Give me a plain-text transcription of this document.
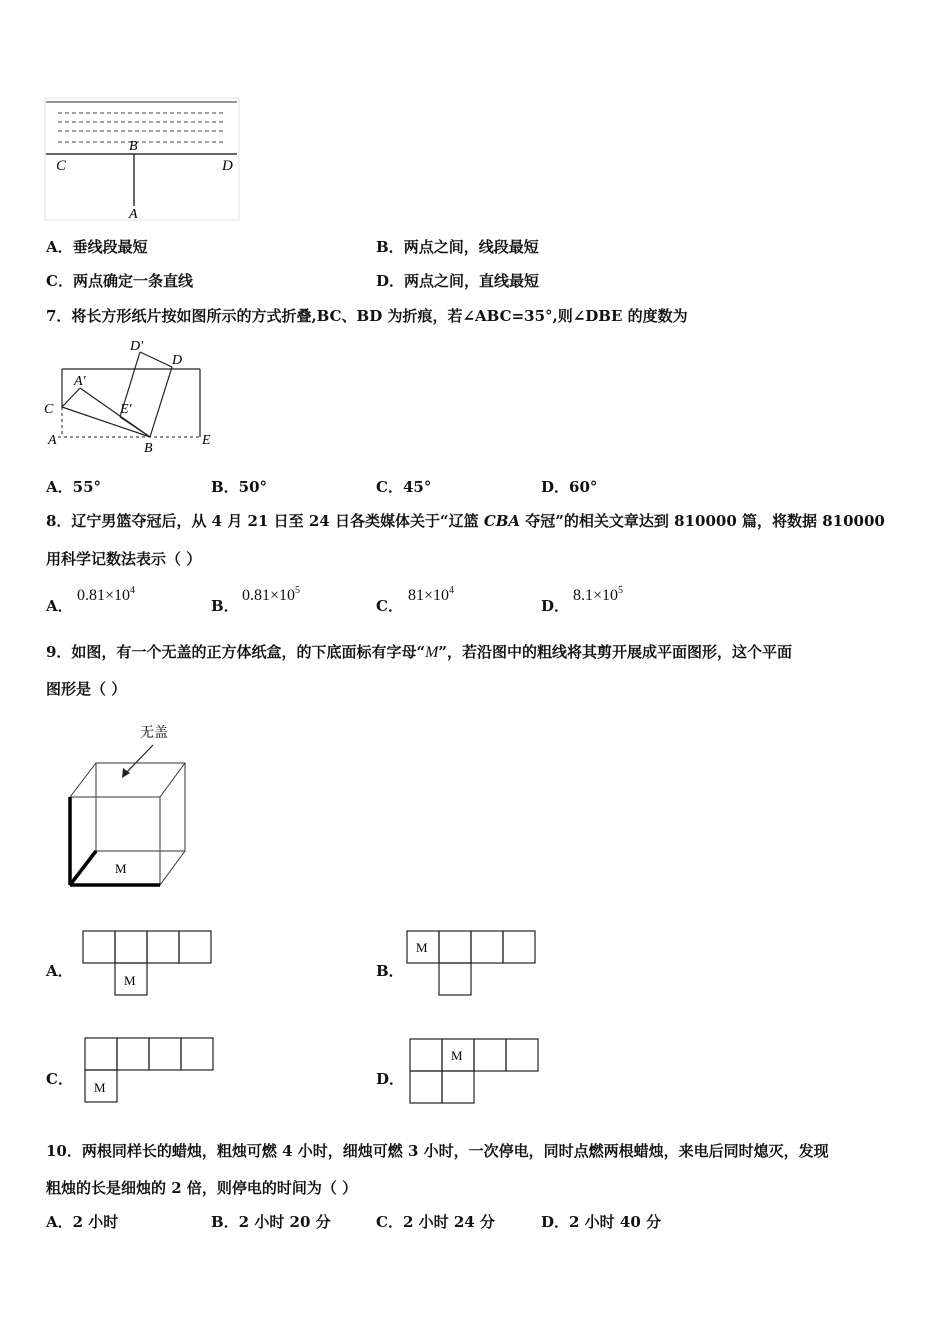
B
C	D
A
A．垂线段最短	B．两点之间，线段最短
C．两点确定一条直线	D．两点之间，直线最短
7．将长方形纸片按如图所示的方式折叠,BC、BD 为折痕，若∠ABC=35°,则∠DBE 的度数为
D'
D
A'
C	E'
A
B
E
A．55°	B．50°	C．45°	D．60°
8．辽宁男篮夺冠后，从 4 月 21 日至 24 日各类媒体关于“辽篮 CBA 夺冠”的相关文章达到 810000 篇，将数据 810000
用科学记数法表示（ ）
A．
$0.81\times 10^4$
B．
$0.81\times 10^5$
C．
$81\times 10^4$
D．
$8.1\times 10^5$
9．如图，有一个无盖的正方体纸盒，的下底面标有字母“M”，若沿图中的粗线将其剪开展成平面图形，这个平面
图形是（ ）
无盖
M
A．
M
B．
M
C． M	D．
M
10．两根同样长的蜡烛，粗烛可燃 4 小时，细烛可燃 3 小时，一次停电，同时点燃两根蜡烛，来电后同时熄灭，发现
粗烛的长是细烛的 2 倍，则停电的时间为（ ）
A．2 小时	B．2 小时 20 分	C．2 小时 24 分	D．2 小时 40 分
